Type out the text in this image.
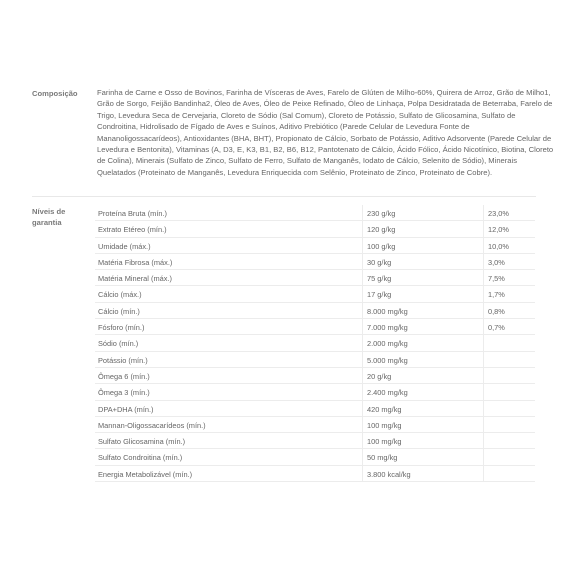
Composição	Farinha de Carne e Osso de Bovinos, Farinha de Vísceras de Aves, Farelo de Glúten de Milho-60%, Quirera de Arroz, Grão de Milho1,
Grão de Sorgo, Feijão Bandinha2, Óleo de Aves, Óleo de Peixe Refinado, Óleo de Linhaça, Polpa Desidratada de Beterraba, Farelo de
Trigo, Levedura Seca de Cervejaria, Cloreto de Sódio (Sal Comum), Cloreto de Potássio, Sulfato de Glicosamina, Sulfato de
Condroitina, Hidrolisado de Fígado de Aves e Suínos, Aditivo Prebiótico (Parede Celular de Levedura Fonte de
Mananoligossacarídeos), Antioxidantes (BHA, BHT), Propionato de Cálcio, Sorbato de Potássio, Aditivo Adsorvente (Parede Celular de
Levedura e Bentonita), Vitaminas (A, D3, E, K3, B1, B2, B6, B12, Pantotenato de Cálcio, Ácido Fólico, Ácido Nicotínico, Biotina, Cloreto
de Colina), Minerais (Sulfato de Zinco, Sulfato de Ferro, Sulfato de Manganês, Iodato de Cálcio, Selenito de Sódio), Minerais
Quelatados (Proteinato de Manganês, Levedura Enriquecida com Selênio, Proteinato de Zinco, Proteinato de Cobre).
Níveis de
garantia
Proteína Bruta (mín.)	230 g/kg	23,0%
Extrato Etéreo (mín.)	120 g/kg	12,0%
Umidade (máx.)	100 g/kg	10,0%
Matéria Fibrosa (máx.)	30 g/kg	3,0%
Matéria Mineral (máx.)	75 g/kg	7,5%
Cálcio (máx.)	17 g/kg	1,7%
Cálcio (mín.)	8.000 mg/kg	0,8%
Fósforo (mín.)	7.000 mg/kg	0,7%
Sódio (mín.)	2.000 mg/kg
Potássio (mín.)	5.000 mg/kg
Ômega 6 (mín.)	20 g/kg
Ômega 3 (mín.)	2.400 mg/kg
DPA+DHA (mín.)	420 mg/kg
Mannan-Oligossacarídeos (mín.)	100 mg/kg
Sulfato Glicosamina (mín.)	100 mg/kg
Sulfato Condroitina (mín.)	50 mg/kg
Energia Metabolizável (mín.)	3.800 kcal/kg
